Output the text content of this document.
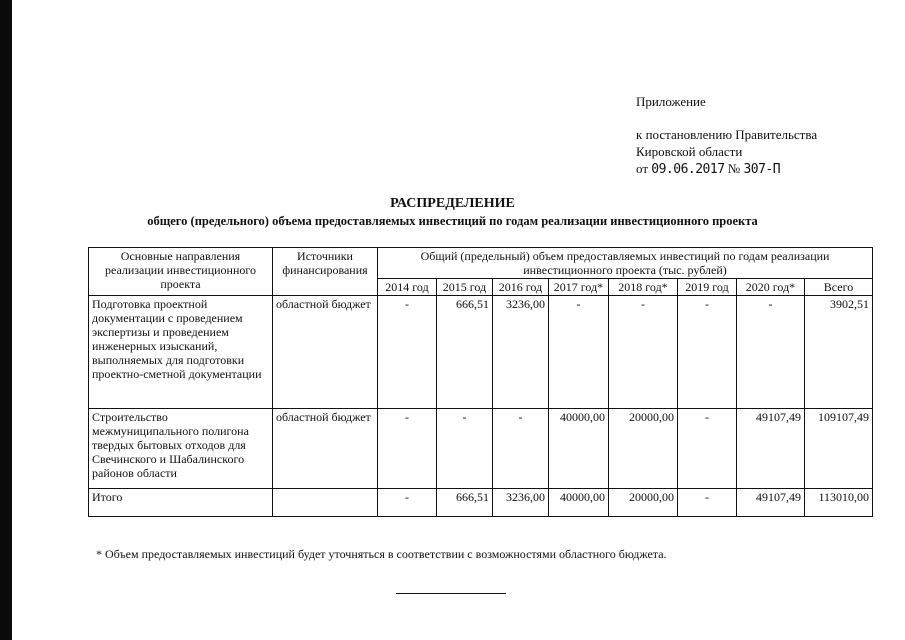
Приложение
к постановлению Правительства
Кировской области
от 09.06.2017 № 307-П
РАСПРЕДЕЛЕНИЕ
общего (предельного) объема предоставляемых инвестиций по годам реализации инвестиционного проекта
Основные направления реализации инвестиционного проекта	Источники финансирования	Общий (предельный) объем предоставляемых инвестиций по годам реализации инвестиционного проекта (тыс. рублей)							
		2014 год	2015 год	2016 год	2017 год*	2018 год*	2019 год	2020 год*	Всего
Подготовка проектной документации с проведением экспертизы и проведением инженерных изысканий, выполняемых для подготовки проектно-сметной документации	областной бюджет	-	666,51	3236,00	-	-	-	-	3902,51
Строительство межмуниципального полигона твердых бытовых отходов для Свечинского и Шабалинского районов области	областной бюджет	-	-	-	40000,00	20000,00	-	49107,49	109107,49
Итого		-	666,51	3236,00	40000,00	20000,00	-	49107,49	113010,00
* Объем предоставляемых инвестиций будет уточняться в соответствии с возможностями областного бюджета.
